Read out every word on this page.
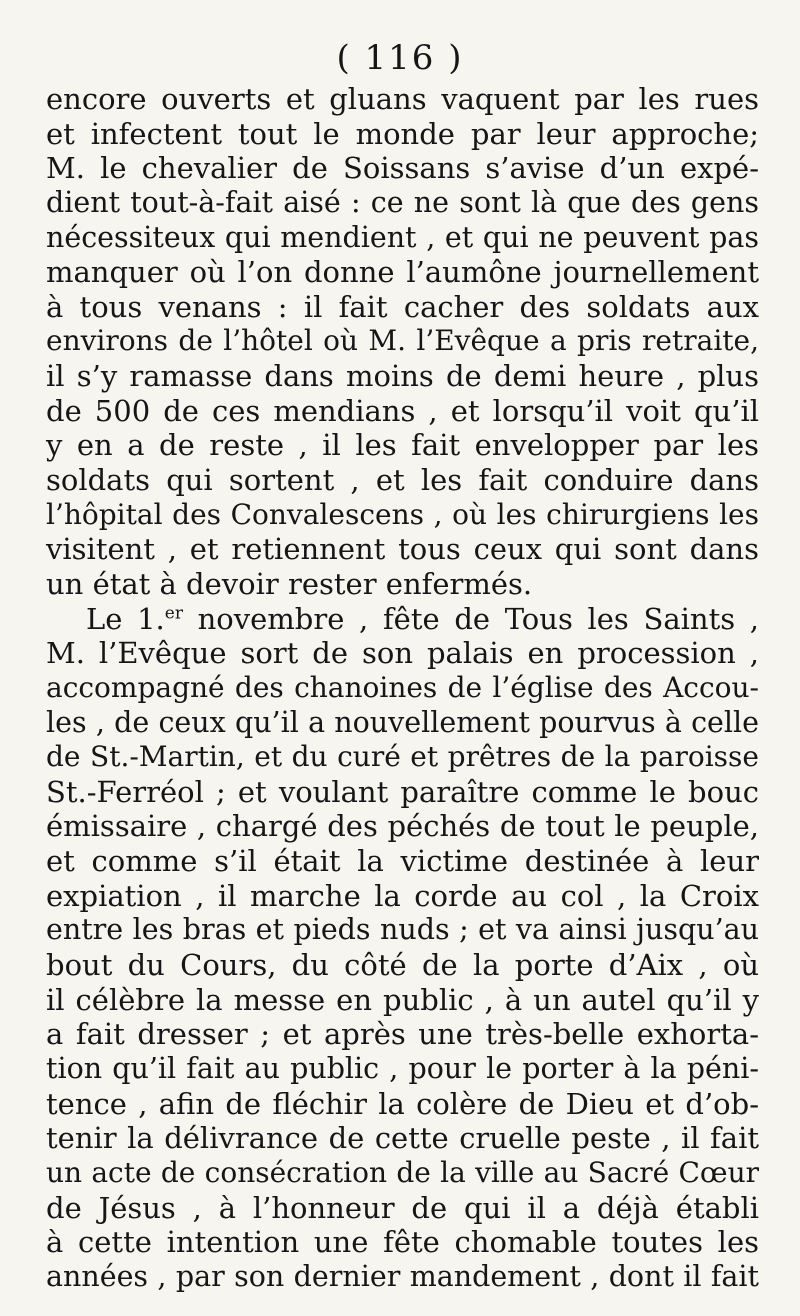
( 116 )
encore ouverts et gluans vaquent par les rues
et infectent tout le monde par leur approche;
M. le chevalier de Soissans s’avise d’un expé-
dient tout-à-fait aisé : ce ne sont là que des gens
nécessiteux qui mendient , et qui ne peuvent pas
manquer où l’on donne l’aumône journellement
à tous venans : il fait cacher des soldats aux
environs de l’hôtel où M. l’Evêque a pris retraite,
il s’y ramasse dans moins de demi heure , plus
de 500 de ces mendians , et lorsqu’il voit qu’il
y en a de reste , il les fait envelopper par les
soldats qui sortent , et les fait conduire dans
l’hôpital des Convalescens , où les chirurgiens les
visitent , et retiennent tous ceux qui sont dans
un état à devoir rester enfermés.
Le 1.$^{er}$ novembre , fête de Tous les Saints ,
M. l’Evêque sort de son palais en procession ,
accompagné des chanoines de l’église des Accou-
les , de ceux qu’il a nouvellement pourvus à celle
de St.-Martin, et du curé et prêtres de la paroisse
St.-Ferréol ; et voulant paraître comme le bouc
émissaire , chargé des péchés de tout le peuple,
et comme s’il était la victime destinée à leur
expiation , il marche la corde au col , la Croix
entre les bras et pieds nuds ; et va ainsi jusqu’au
bout du Cours, du côté de la porte d’Aix , où
il célèbre la messe en public , à un autel qu’il y
a fait dresser ; et après une très-belle exhorta-
tion qu’il fait au public , pour le porter à la péni-
tence , afin de fléchir la colère de Dieu et d’ob-
tenir la délivrance de cette cruelle peste , il fait
un acte de consécration de la ville au Sacré Cœur
de Jésus , à l’honneur de qui il a déjà établi
à cette intention une fête chomable toutes les
années , par son dernier mandement , dont il fait
